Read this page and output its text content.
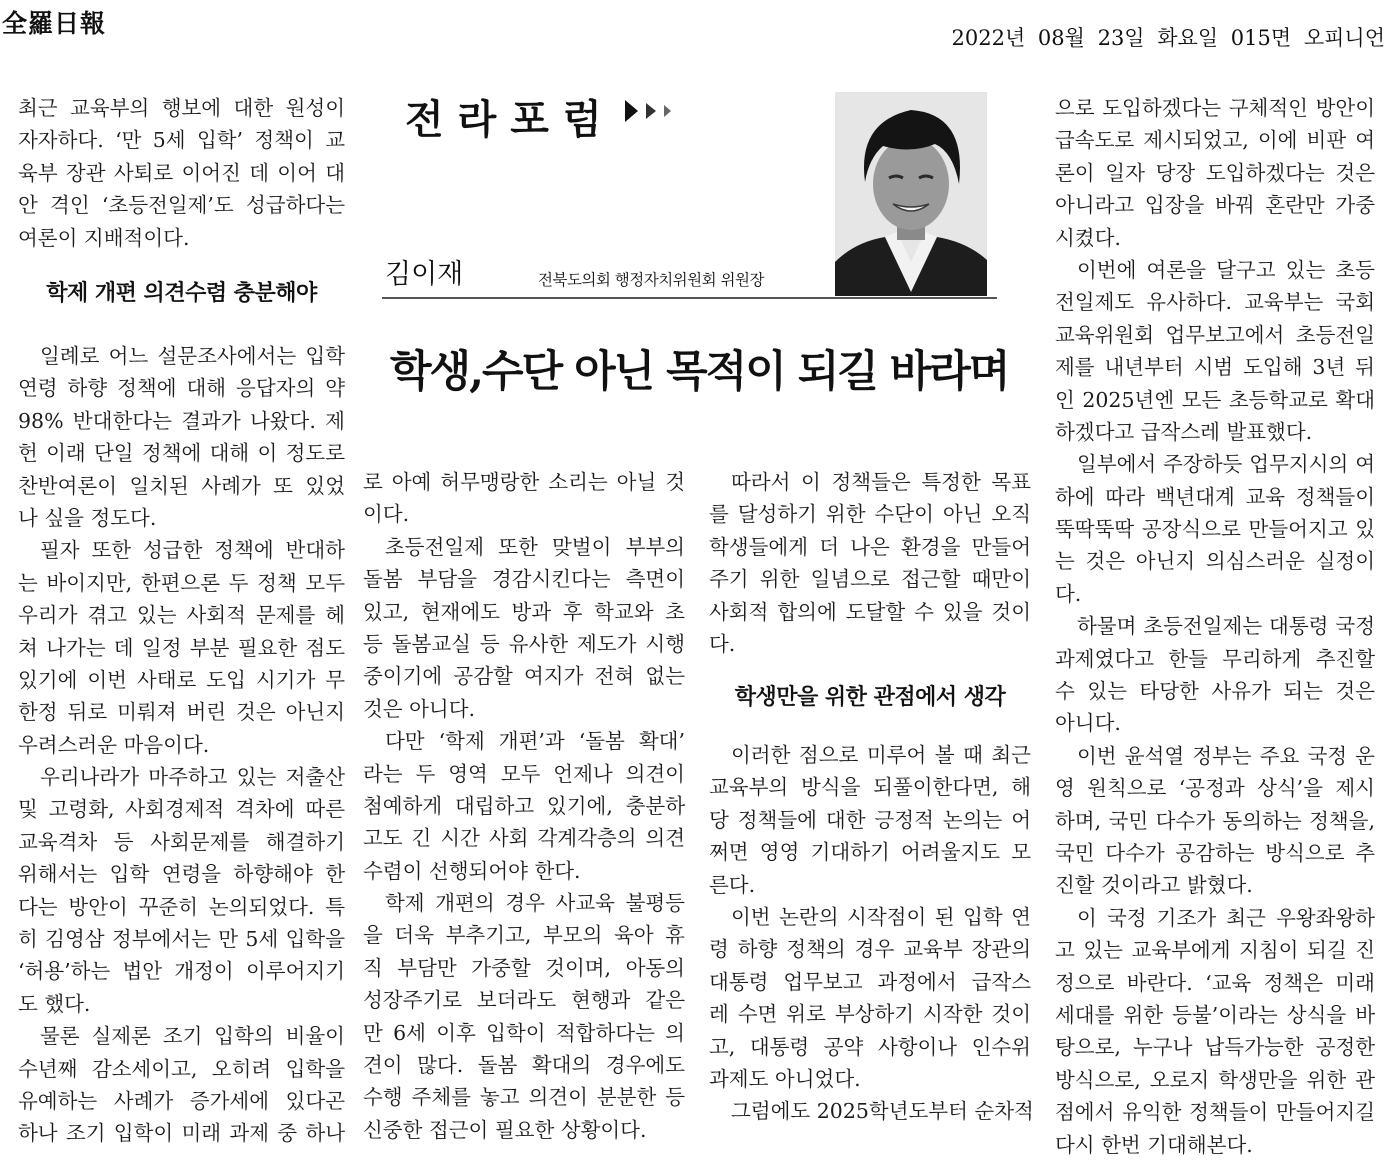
全羅日報	2022년 08월 23일 화요일 015면 오피니언
최근 교육부의 행보에 대한 원성이
자자하다. ‘만 5세 입학’ 정책이 교
육부 장관 사퇴로 이어진 데 이어 대
안 격인 ‘초등전일제’도 성급하다는
여론이 지배적이다.
학제 개편 의견수렴 충분해야
일례로 어느 설문조사에서는 입학
연령 하향 정책에 대해 응답자의 약
98% 반대한다는 결과가 나왔다. 제
헌 이래 단일 정책에 대해 이 정도로
찬반여론이 일치된 사례가 또 있었
나 싶을 정도다.
필자 또한 성급한 정책에 반대하
는 바이지만, 한편으론 두 정책 모두
우리가 겪고 있는 사회적 문제를 헤
쳐 나가는 데 일정 부분 필요한 점도
있기에 이번 사태로 도입 시기가 무
한정 뒤로 미뤄져 버린 것은 아닌지
우려스러운 마음이다.
우리나라가 마주하고 있는 저출산
및 고령화, 사회경제적 격차에 따른
교육격차 등 사회문제를 해결하기
위해서는 입학 연령을 하향해야 한
다는 방안이 꾸준히 논의되었다. 특
히 김영삼 정부에서는 만 5세 입학을
‘허용’하는 법안 개정이 이루어지기
도 했다.
물론 실제론 조기 입학의 비율이
수년째 감소세이고, 오히려 입학을
유예하는 사례가 증가세에 있다곤
하나 조기 입학이 미래 과제 중 하나
전라포럼
김이재	전북도의회 행정자치위원회 위원장
학생,수단 아닌 목적이 되길 바라며
로 아예 허무맹랑한 소리는 아닐 것
이다.
초등전일제 또한 맞벌이 부부의
돌봄 부담을 경감시킨다는 측면이
있고, 현재에도 방과 후 학교와 초
등 돌봄교실 등 유사한 제도가 시행
중이기에 공감할 여지가 전혀 없는
것은 아니다.
다만 ‘학제 개편’과 ‘돌봄 확대’
라는 두 영역 모두 언제나 의견이
첨예하게 대립하고 있기에, 충분하
고도 긴 시간 사회 각계각층의 의견
수렴이 선행되어야 한다.
학제 개편의 경우 사교육 불평등
을 더욱 부추기고, 부모의 육아 휴
직 부담만 가중할 것이며, 아동의
성장주기로 보더라도 현행과 같은
만 6세 이후 입학이 적합하다는 의
견이 많다. 돌봄 확대의 경우에도
수행 주체를 놓고 의견이 분분한 등
신중한 접근이 필요한 상황이다.
따라서 이 정책들은 특정한 목표
를 달성하기 위한 수단이 아닌 오직
학생들에게 더 나은 환경을 만들어
주기 위한 일념으로 접근할 때만이
사회적 합의에 도달할 수 있을 것이
다.
학생만을 위한 관점에서 생각
이러한 점으로 미루어 볼 때 최근
교육부의 방식을 되풀이한다면, 해
당 정책들에 대한 긍정적 논의는 어
쩌면 영영 기대하기 어려울지도 모
른다.
이번 논란의 시작점이 된 입학 연
령 하향 정책의 경우 교육부 장관의
대통령 업무보고 과정에서 급작스
레 수면 위로 부상하기 시작한 것이
고, 대통령 공약 사항이나 인수위
과제도 아니었다.
그럼에도 2025학년도부터 순차적
으로 도입하겠다는 구체적인 방안이
급속도로 제시되었고, 이에 비판 여
론이 일자 당장 도입하겠다는 것은
아니라고 입장을 바꿔 혼란만 가중
시켰다.
이번에 여론을 달구고 있는 초등
전일제도 유사하다. 교육부는 국회
교육위원회 업무보고에서 초등전일
제를 내년부터 시범 도입해 3년 뒤
인 2025년엔 모든 초등학교로 확대
하겠다고 급작스레 발표했다.
일부에서 주장하듯 업무지시의 여
하에 따라 백년대계 교육 정책들이
뚝딱뚝딱 공장식으로 만들어지고 있
는 것은 아닌지 의심스러운 실정이
다.
하물며 초등전일제는 대통령 국정
과제였다고 한들 무리하게 추진할
수 있는 타당한 사유가 되는 것은
아니다.
이번 윤석열 정부는 주요 국정 운
영 원칙으로 ‘공정과 상식’을 제시
하며, 국민 다수가 동의하는 정책을,
국민 다수가 공감하는 방식으로 추
진할 것이라고 밝혔다.
이 국정 기조가 최근 우왕좌왕하
고 있는 교육부에게 지침이 되길 진
정으로 바란다. ‘교육 정책은 미래
세대를 위한 등불’이라는 상식을 바
탕으로, 누구나 납득가능한 공정한
방식으로, 오로지 학생만을 위한 관
점에서 유익한 정책들이 만들어지길
다시 한번 기대해본다.
